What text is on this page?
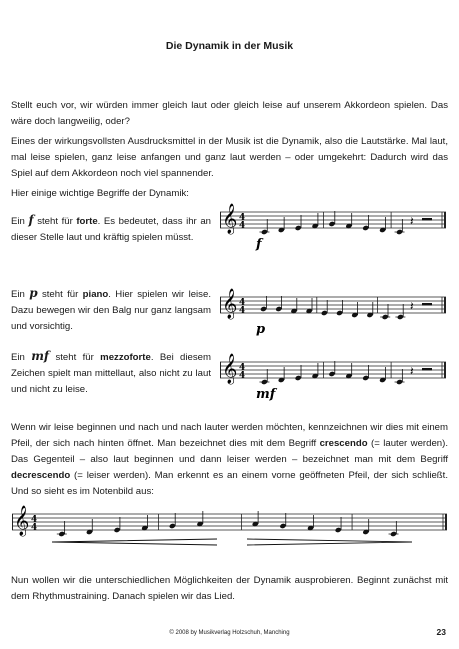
Die Dynamik in der Musik
Stellt euch vor, wir würden immer gleich laut oder gleich leise auf unserem Akkordeon spielen. Das wäre doch langweilig, oder?
Eines der wirkungsvollsten Ausdrucksmittel in der Musik ist die Dynamik, also die Lautstärke. Mal laut, mal leise spielen, ganz leise anfangen und ganz laut werden – oder umgekehrt: Dadurch wird das Spiel auf dem Akkordeon noch viel spannender.
Hier einige wichtige Begriffe der Dynamik:
Ein f steht für forte. Es bedeutet, dass ihr an dieser Stelle laut und kräftig spielen müsst.
𝄞 4
4	𝄽
f
Ein p steht für piano. Hier spielen wir leise. Dazu bewegen wir den Balg nur ganz langsam und vorsichtig.
𝄞 4
4	𝄽
p
Ein mf steht für mezzoforte. Bei diesem Zeichen spielt man mittellaut, also nicht zu laut und nicht zu leise.
𝄞 4
4	𝄽
mf
Wenn wir leise beginnen und nach und nach lauter werden möchten, kennzeichnen wir dies mit einem Pfeil, der sich nach hinten öffnet. Man bezeichnet dies mit dem Begriff crescendo (= lauter werden). Das Gegenteil – also laut beginnen und dann leiser werden – bezeichnet man mit dem Begriff decrescendo (= leiser werden). Man erkennt es an einem vorne geöffneten Pfeil, der sich schließt. Und so sieht es im Notenbild aus:
𝄞 4
4
Nun wollen wir die unterschiedlichen Möglichkeiten der Dynamik ausprobieren. Beginnt zunächst mit dem Rhythmustraining. Danach spielen wir das Lied.
© 2008 by Musikverlag Holzschuh, Manching	23
